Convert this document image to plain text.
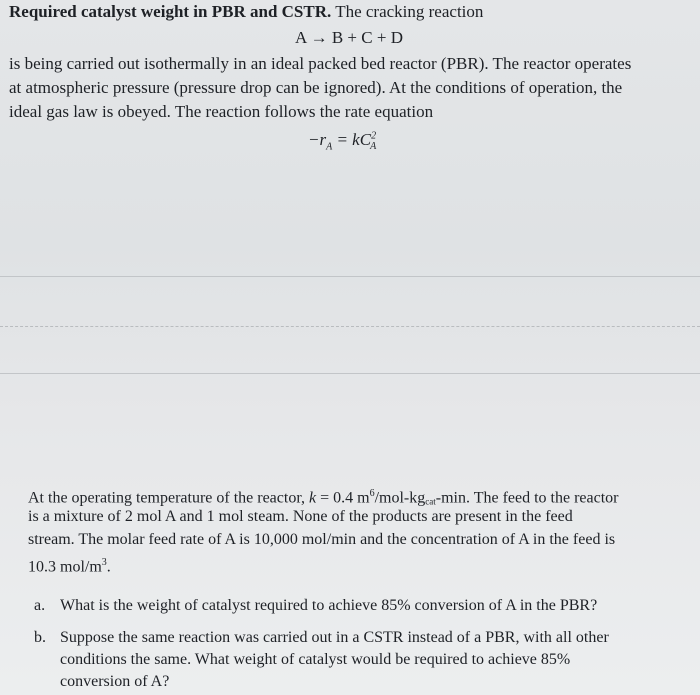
Required catalyst weight in PBR and CSTR. The cracking reaction
A → B + C + D
is being carried out isothermally in an ideal packed bed reactor (PBR). The reactor operates
at atmospheric pressure (pressure drop can be ignored). At the conditions of operation, the
ideal gas law is obeyed. The reaction follows the rate equation
$-r_A = kC^2_A$
At the operating temperature of the reactor, k = 0.4 $m^6/mol-kgcat-\min$. The feed to the reactor
is a mixture of 2 mol A and 1 mol steam. None of the products are present in the feed
stream. The molar feed rate of A is 10,000 mol/min and the concentration of A in the feed is
10.3 mol/$m^3$.
a. What is the weight of catalyst required to achieve 85% conversion of A in the PBR?
b. Suppose the same reaction was carried out in a CSTR instead of a PBR, with all other
conditions the same. What weight of catalyst would be required to achieve 85%
conversion of A?
